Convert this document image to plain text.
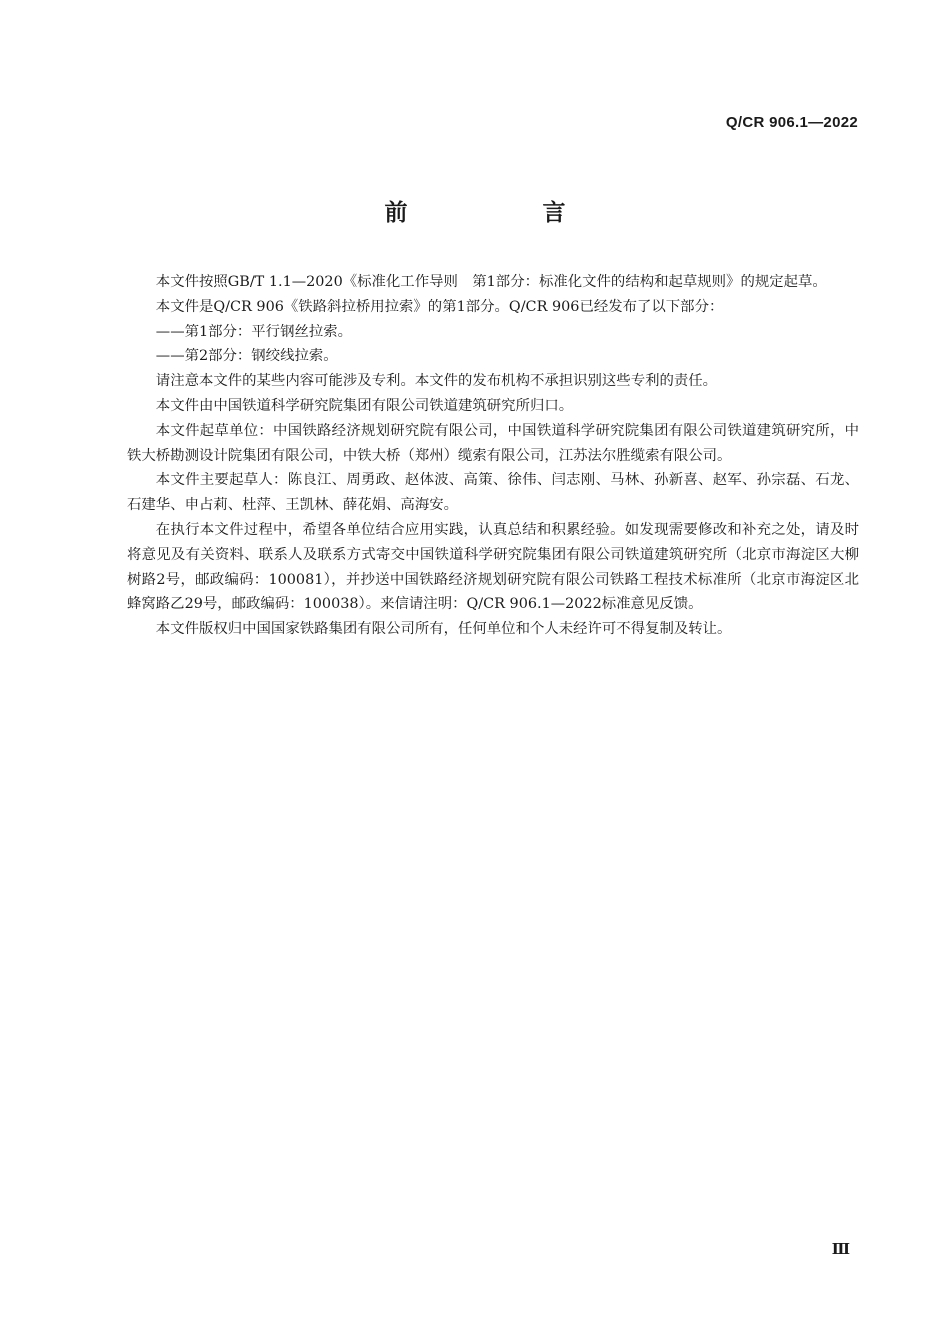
Q/CR 906.1—2022
前　言

本文件按照GB/T 1.1—2020《标准化工作导则　第1部分：标准化文件的结构和起草规则》的规定起草。

本文件是Q/CR 906《铁路斜拉桥用拉索》的第1部分。Q/CR 906已经发布了以下部分：

——第1部分：平行钢丝拉索。

——第2部分：钢绞线拉索。

请注意本文件的某些内容可能涉及专利。本文件的发布机构不承担识别这些专利的责任。

本文件由中国铁道科学研究院集团有限公司铁道建筑研究所归口。

本文件起草单位：中国铁路经济规划研究院有限公司，中国铁道科学研究院集团有限公司铁道建筑研究所，中铁大桥勘测设计院集团有限公司，中铁大桥（郑州）缆索有限公司，江苏法尔胜缆索有限公司。

本文件主要起草人：陈良江、周勇政、赵体波、高策、徐伟、闫志刚、马林、孙新喜、赵军、孙宗磊、石龙、石建华、申占莉、杜萍、王凯林、薛花娟、高海安。

在执行本文件过程中，希望各单位结合应用实践，认真总结和积累经验。如发现需要修改和补充之处，请及时将意见及有关资料、联系人及联系方式寄交中国铁道科学研究院集团有限公司铁道建筑研究所（北京市海淀区大柳树路2号，邮政编码：100081），并抄送中国铁路经济规划研究院有限公司铁路工程技术标准所（北京市海淀区北蜂窝路乙29号，邮政编码：100038）。来信请注明：Q/CR 906.1—2022标准意见反馈。

本文件版权归中国国家铁路集团有限公司所有，任何单位和个人未经许可不得复制及转让。

Ⅲ
